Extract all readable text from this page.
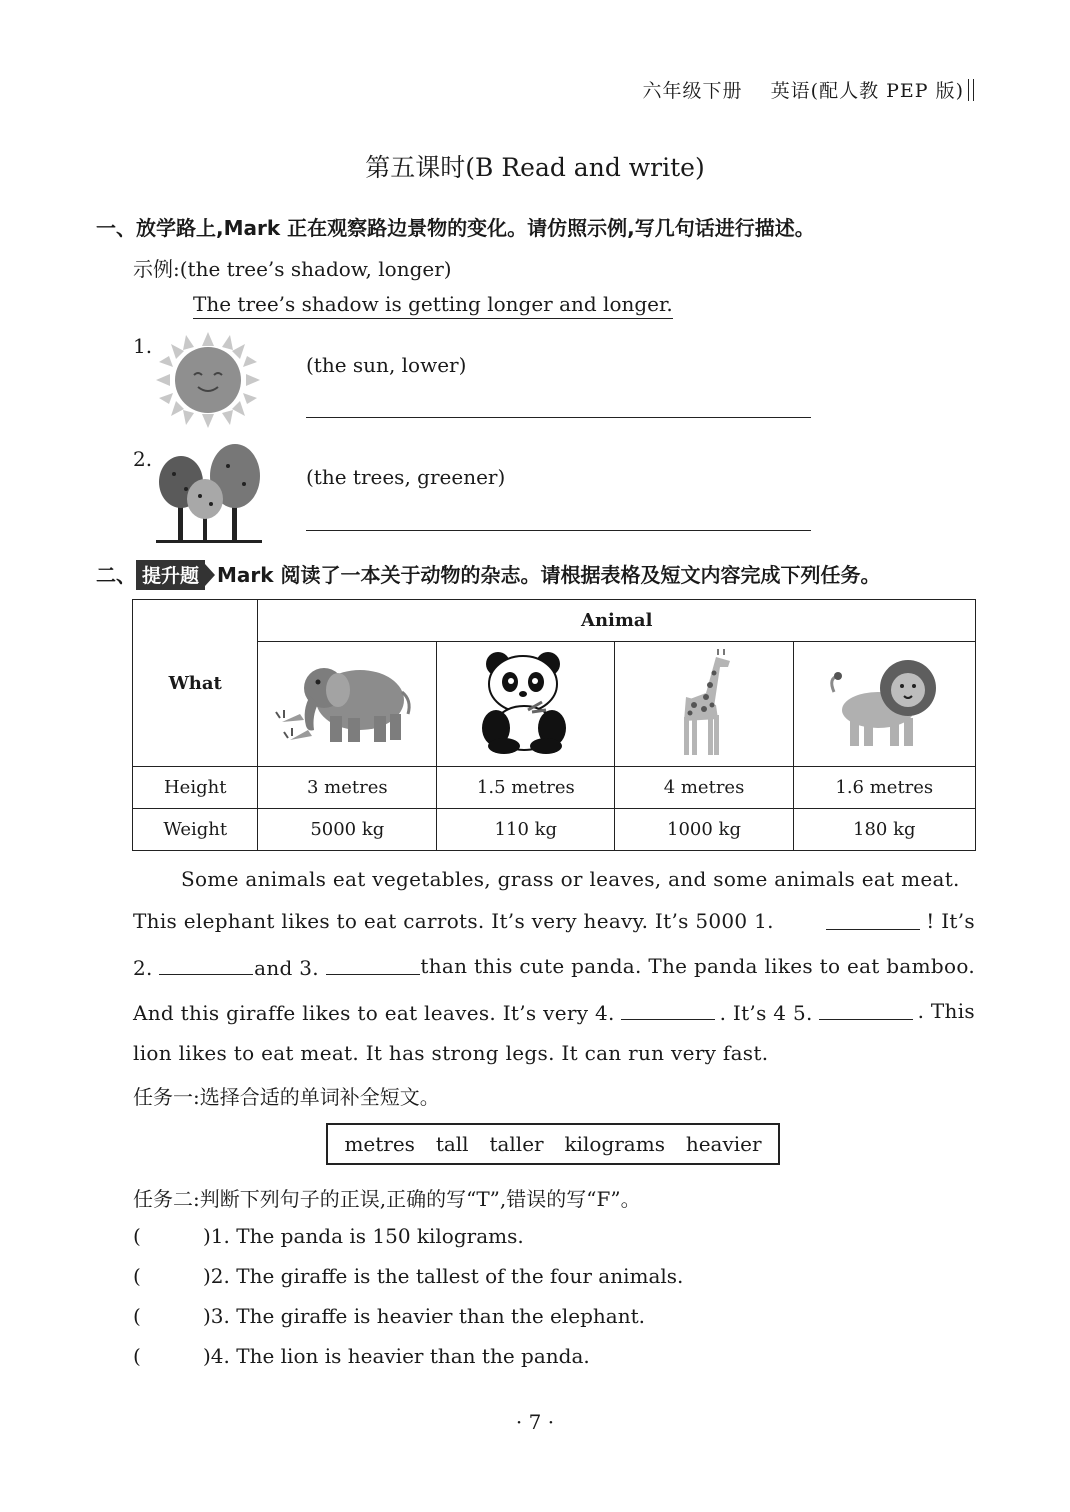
六年级下册 英语(配人教 PEP 版)
第五课时(B Read and write)
一、放学路上,Mark 正在观察路边景物的变化。请仿照示例,写几句话进行描述。
示例:(the tree’s shadow, longer)
The tree’s shadow is getting longer and longer.
1.
(the sun, lower)
2.
(the trees, greener)
二、 提升题 Mark 阅读了一本关于动物的杂志。请根据表格及短文内容完成下列任务。
What	Animal			

Height	3 metres	1.5 metres	4 metres	1.6 metres
Weight	5000 kg	110 kg	1000 kg	180 kg
Some animals eat vegetables, grass or leaves, and some animals eat meat.
This elephant likes to eat carrots. It’s very heavy. It’s 5000 1.	! It’s
2.	and 3.	than this cute panda. The panda likes to eat bamboo.
And this giraffe likes to eat leaves. It’s very 4.	. It’s 4 5.	. This
lion likes to eat meat. It has strong legs. It can run very fast.
任务一:选择合适的单词补全短文。
metres tall taller kilograms heavier
任务二:判断下列句子的正误,正确的写“T”,错误的写“F”。
(	)1. The panda is 150 kilograms.
(	)2. The giraffe is the tallest of the four animals.
(	)3. The giraffe is heavier than the elephant.
(	)4. The lion is heavier than the panda.
· 7 ·
